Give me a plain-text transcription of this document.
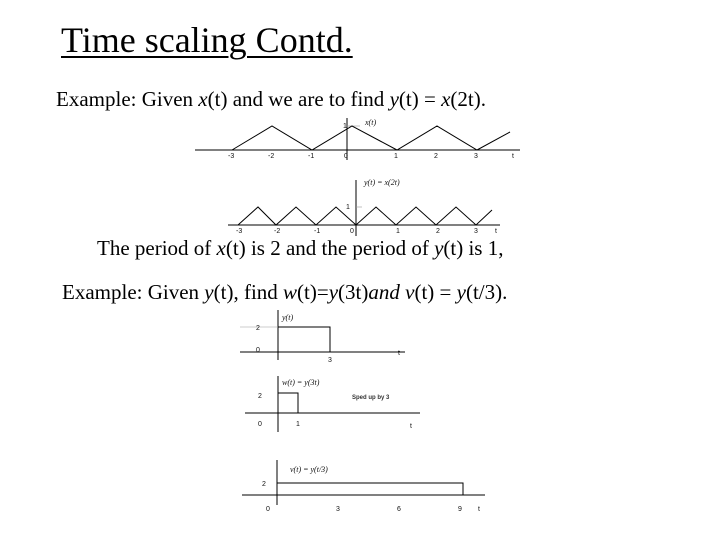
Time scaling Contd.
Example: Given x(t) and we are to find y(t) = x(2t).
The period of x(t) is 2 and the period of y(t) is 1,
Example: Given y(t), find w(t)=y(3t)and v(t) = y(t/3).
1 x(t)
-3	-2	-1	0	1	2	3	t
1
y(t) = x(2t)
-3	-2	-1	0	1	2	3 t
2
0
3
y(t)
t
2
0	1
w(t) = y(3t)
Sped up by 3
t
2
v(t) = y(t/3)
0	3	6	9 t
